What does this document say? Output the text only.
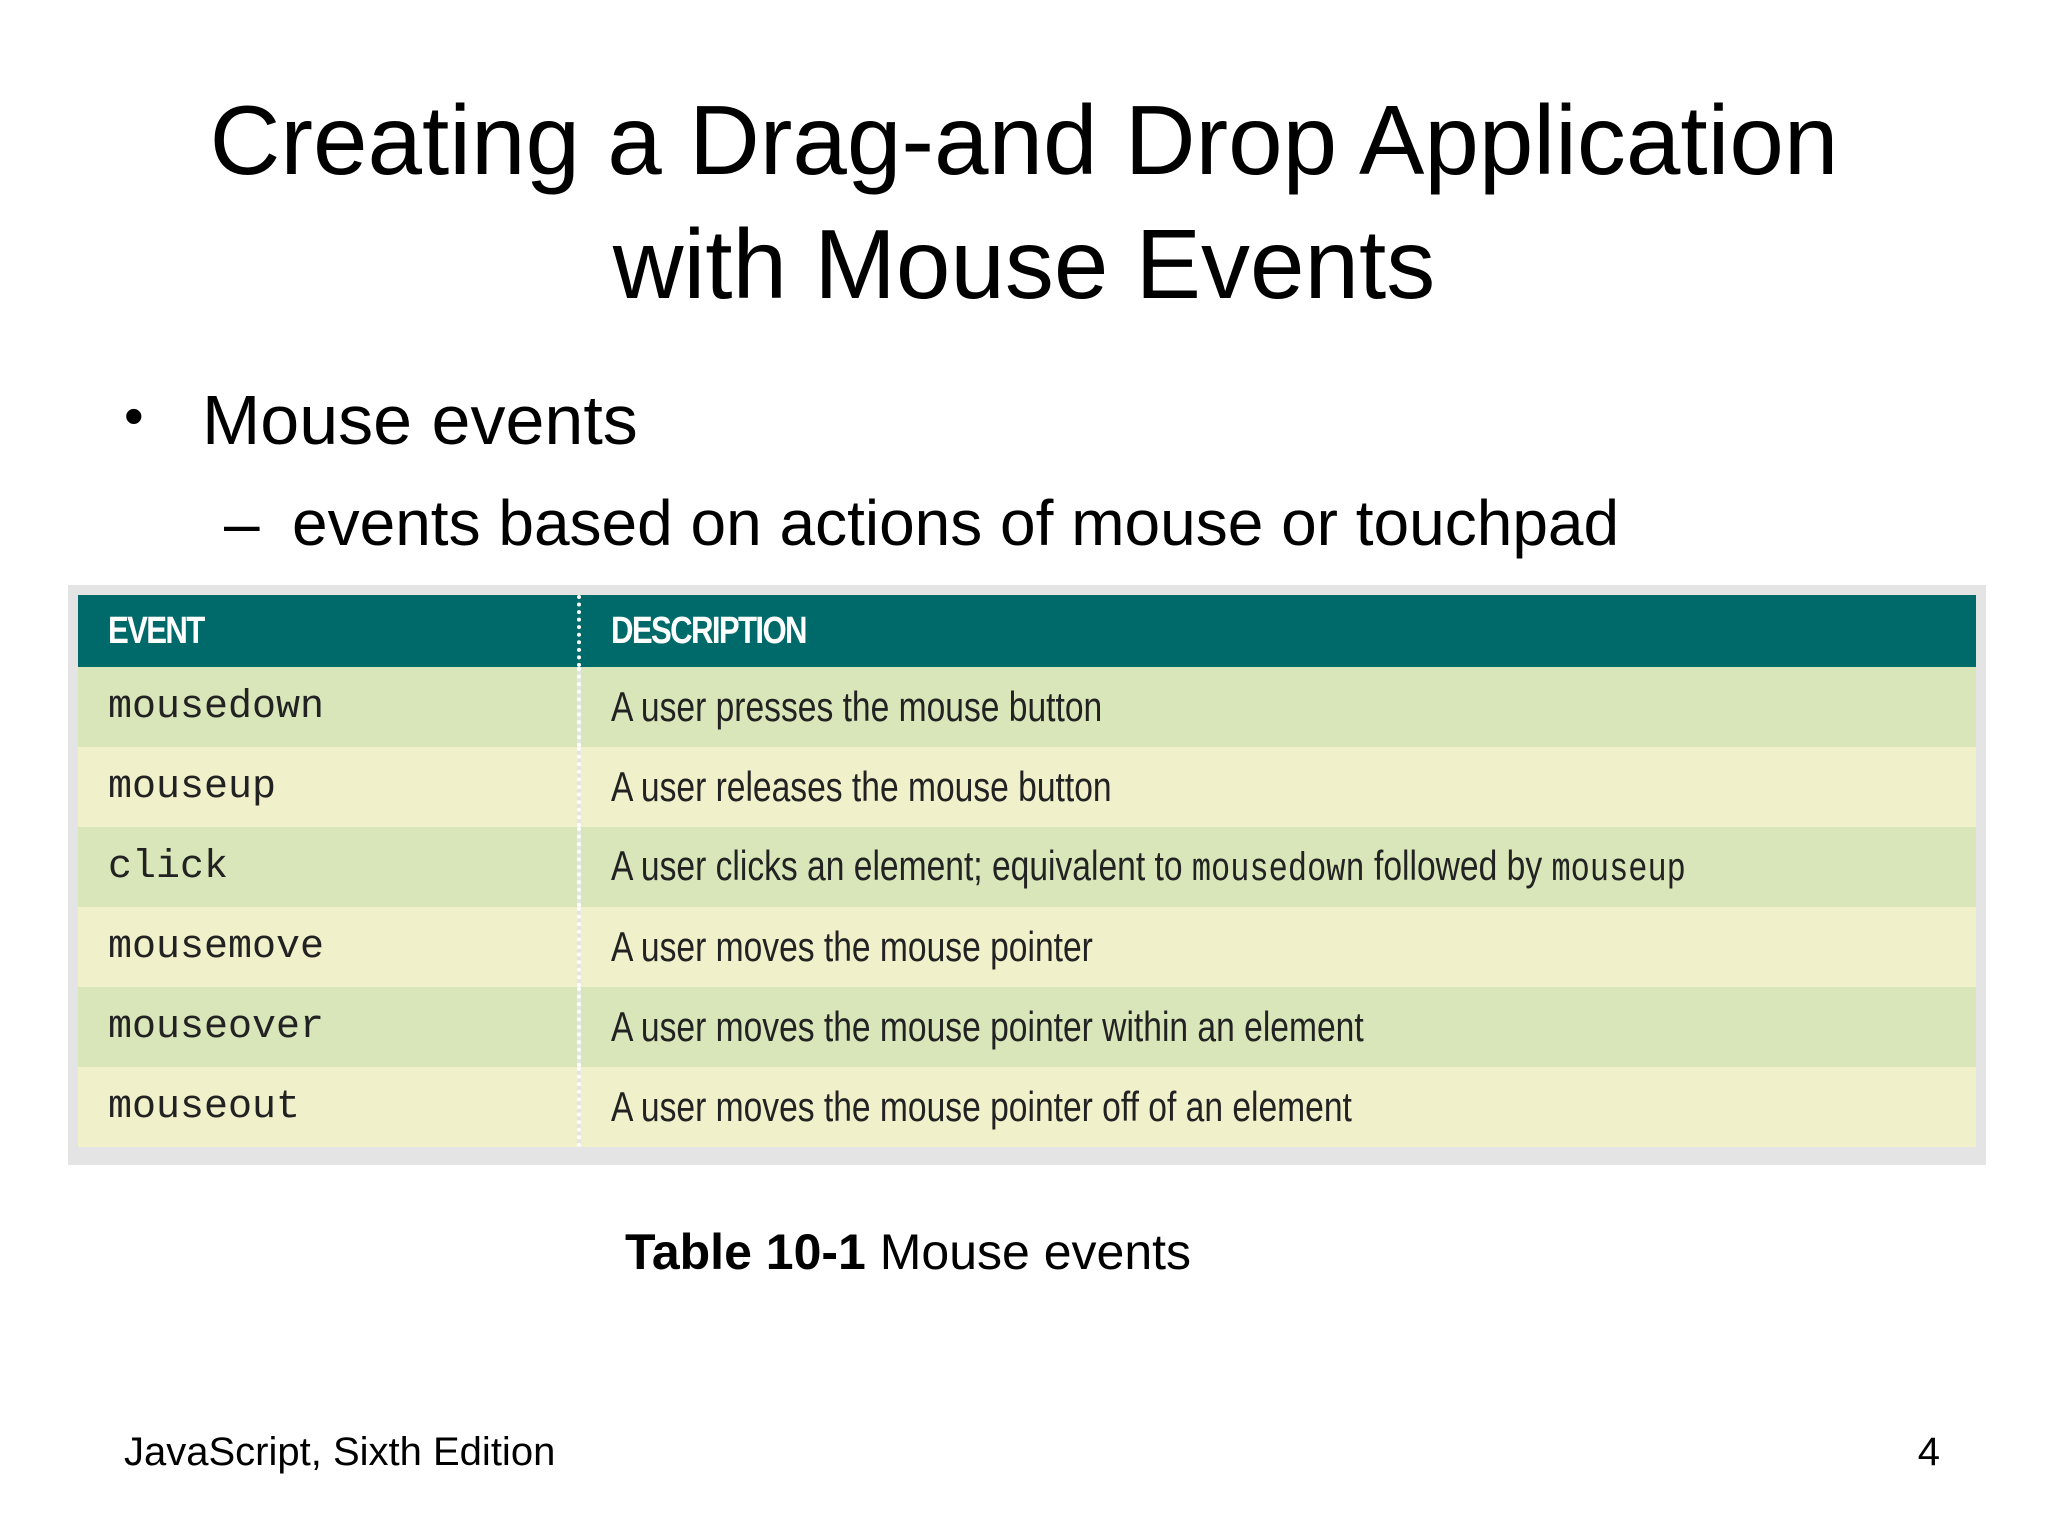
Creating a Drag-and Drop Application
with Mouse Events
• Mouse events
– events based on actions of mouse or touchpad
EVENT	DESCRIPTION
mousedown	A user presses the mouse button
mouseup	A user releases the mouse button
click	A user clicks an element; equivalent to mousedown followed by mouseup
mousemove	A user moves the mouse pointer
mouseover	A user moves the mouse pointer within an element
mouseout	A user moves the mouse pointer off of an element
Table 10-1 Mouse events
JavaScript, Sixth Edition	4
